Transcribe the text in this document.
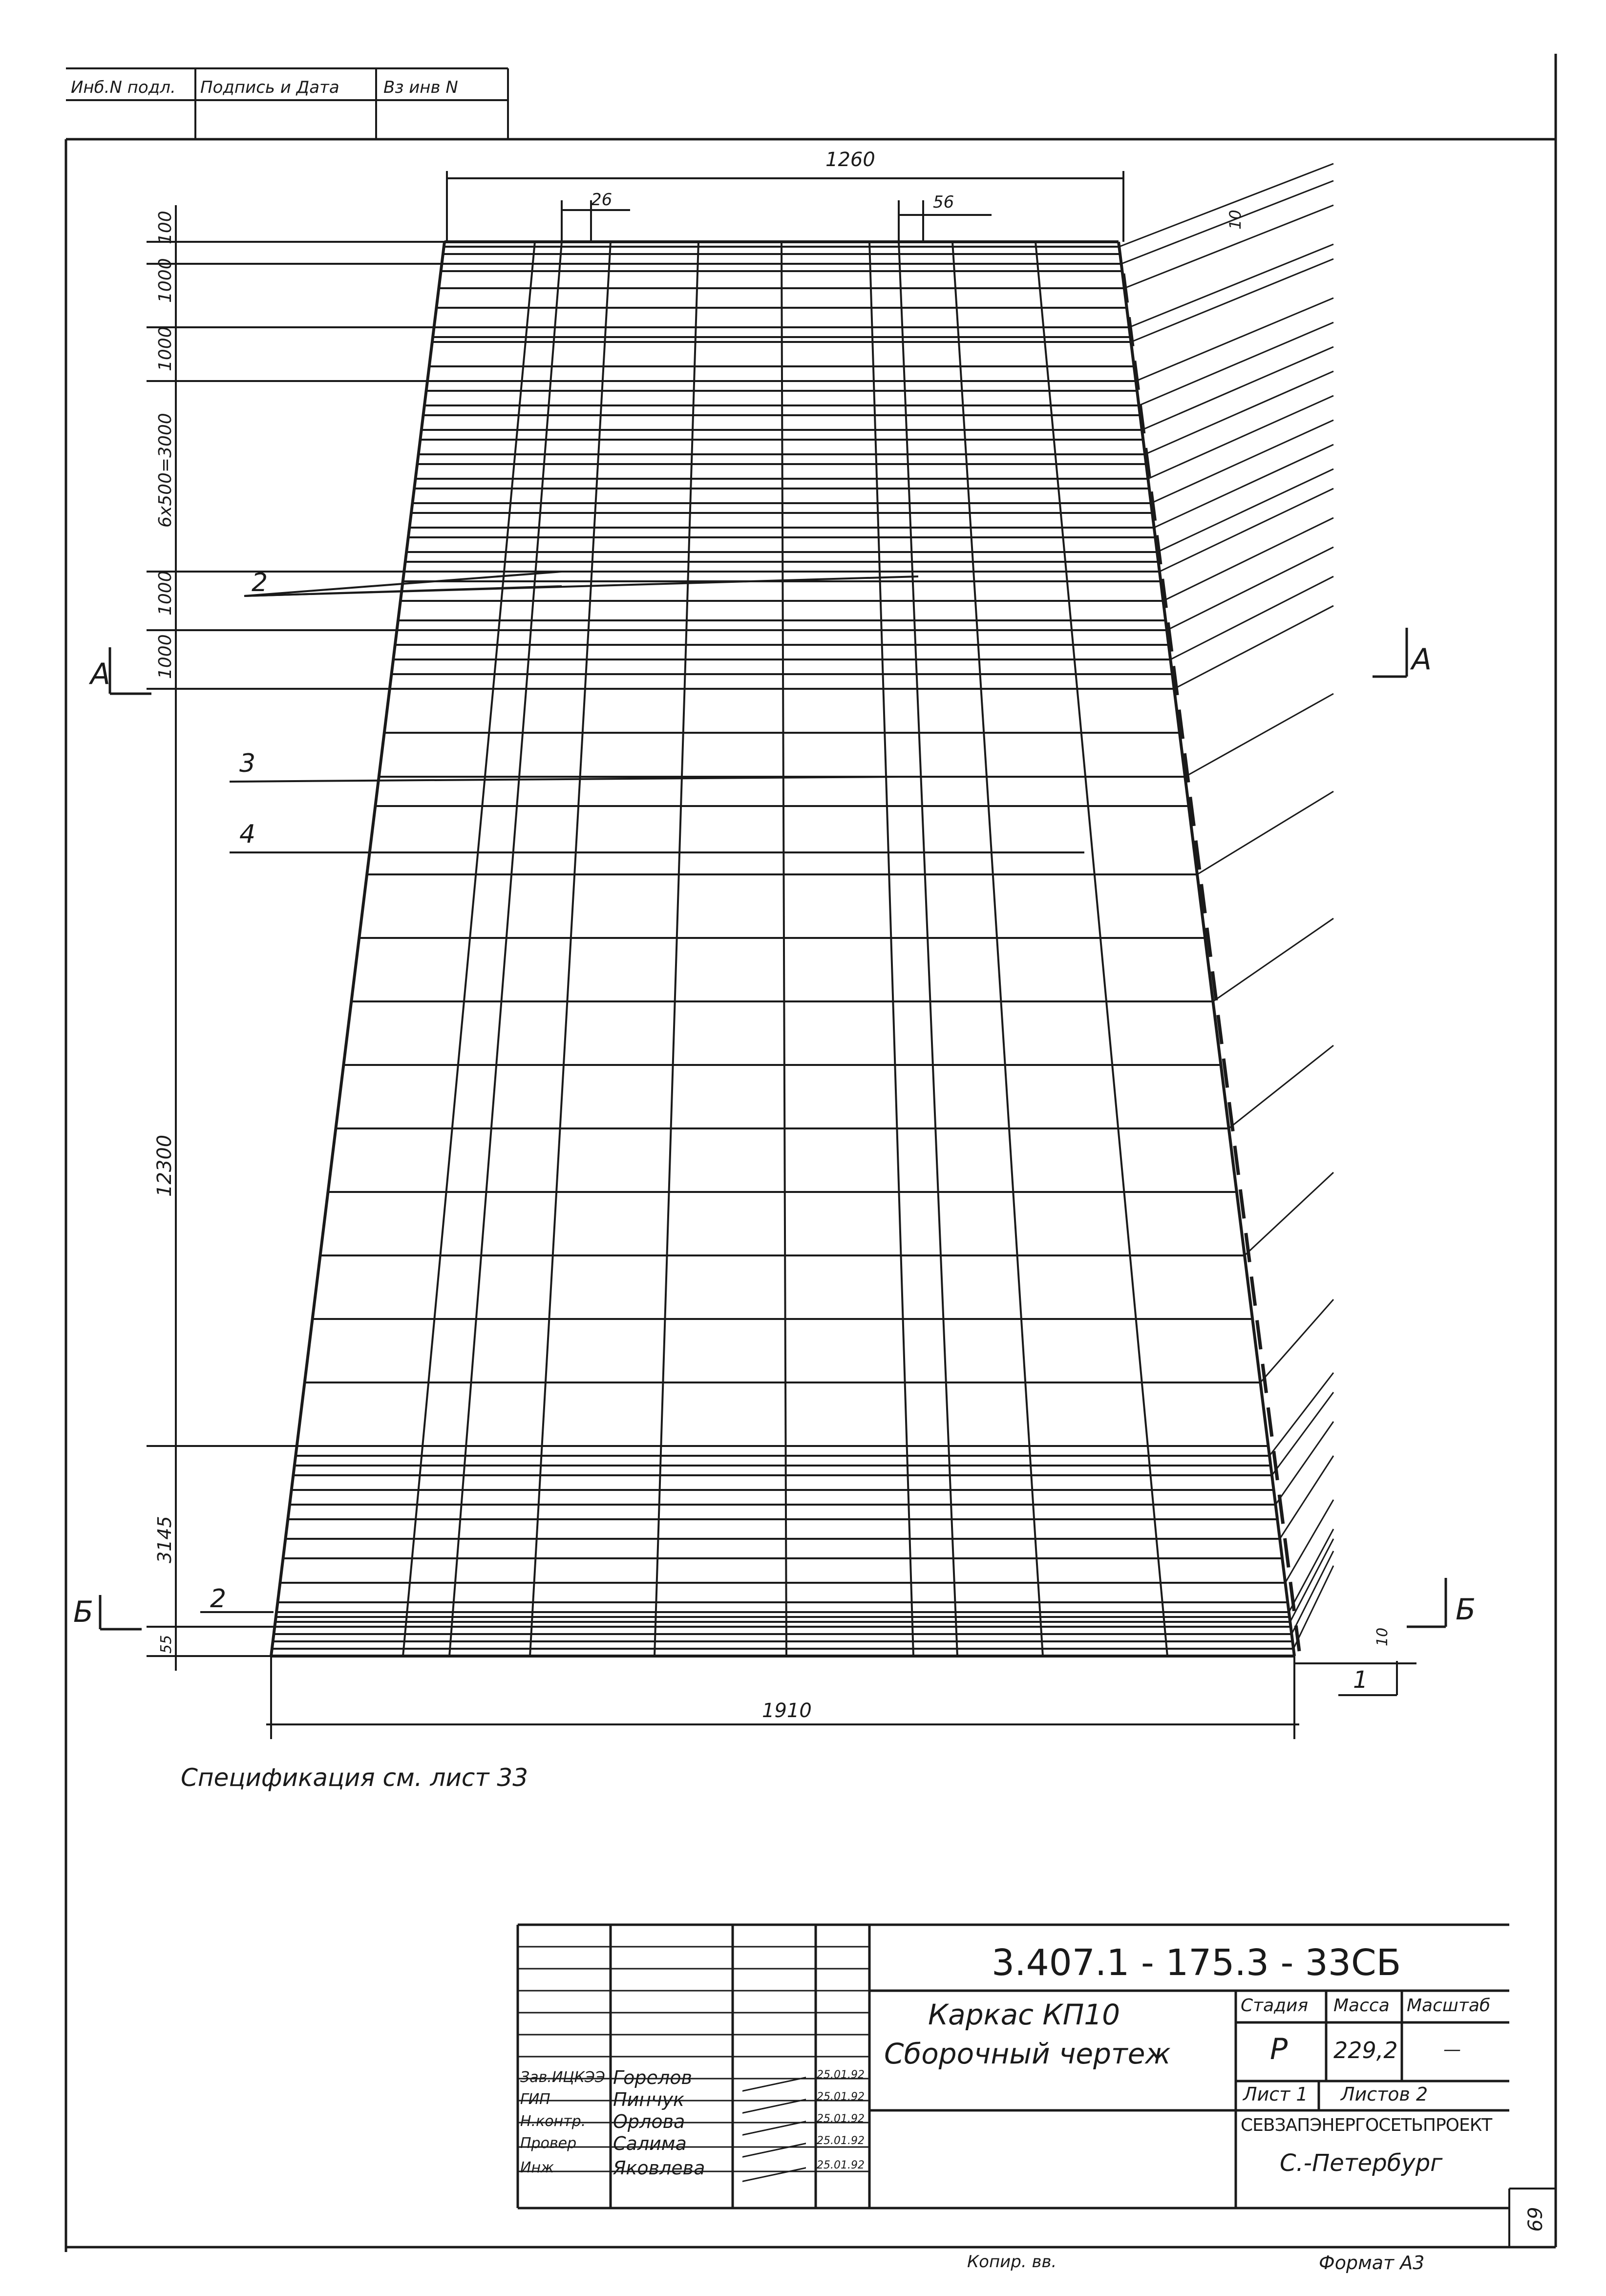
Инб.N подл. Подпись и Дата	Вз инв N
100
1000
1000
6x500=3000
1000
1000
12300
3145
55
1260
26	56
10
1910
1
10
2
3
4
2
А	А
Б	Б
Спецификация см. лист 33
3.407.1 - 175.3 - 33СБ
Каркас КП10
Сборочный чертеж
Стадия Масса Масштаб
Р 229,2	—
Лист 1 Листов 2
СЕВЗАПЭНЕРГОСЕТЬПРОЕКТ
С.-Петербург
Зав.ИЦКЭЭ Горелов	25.01.92
ГИП	Пинчук	25.01.92
Н.контр. Орлова	25.01.92
Провер Салима	25.01.92
Инж	Яковлева	25.01.92
Копир. вв.	Формат А3
69
